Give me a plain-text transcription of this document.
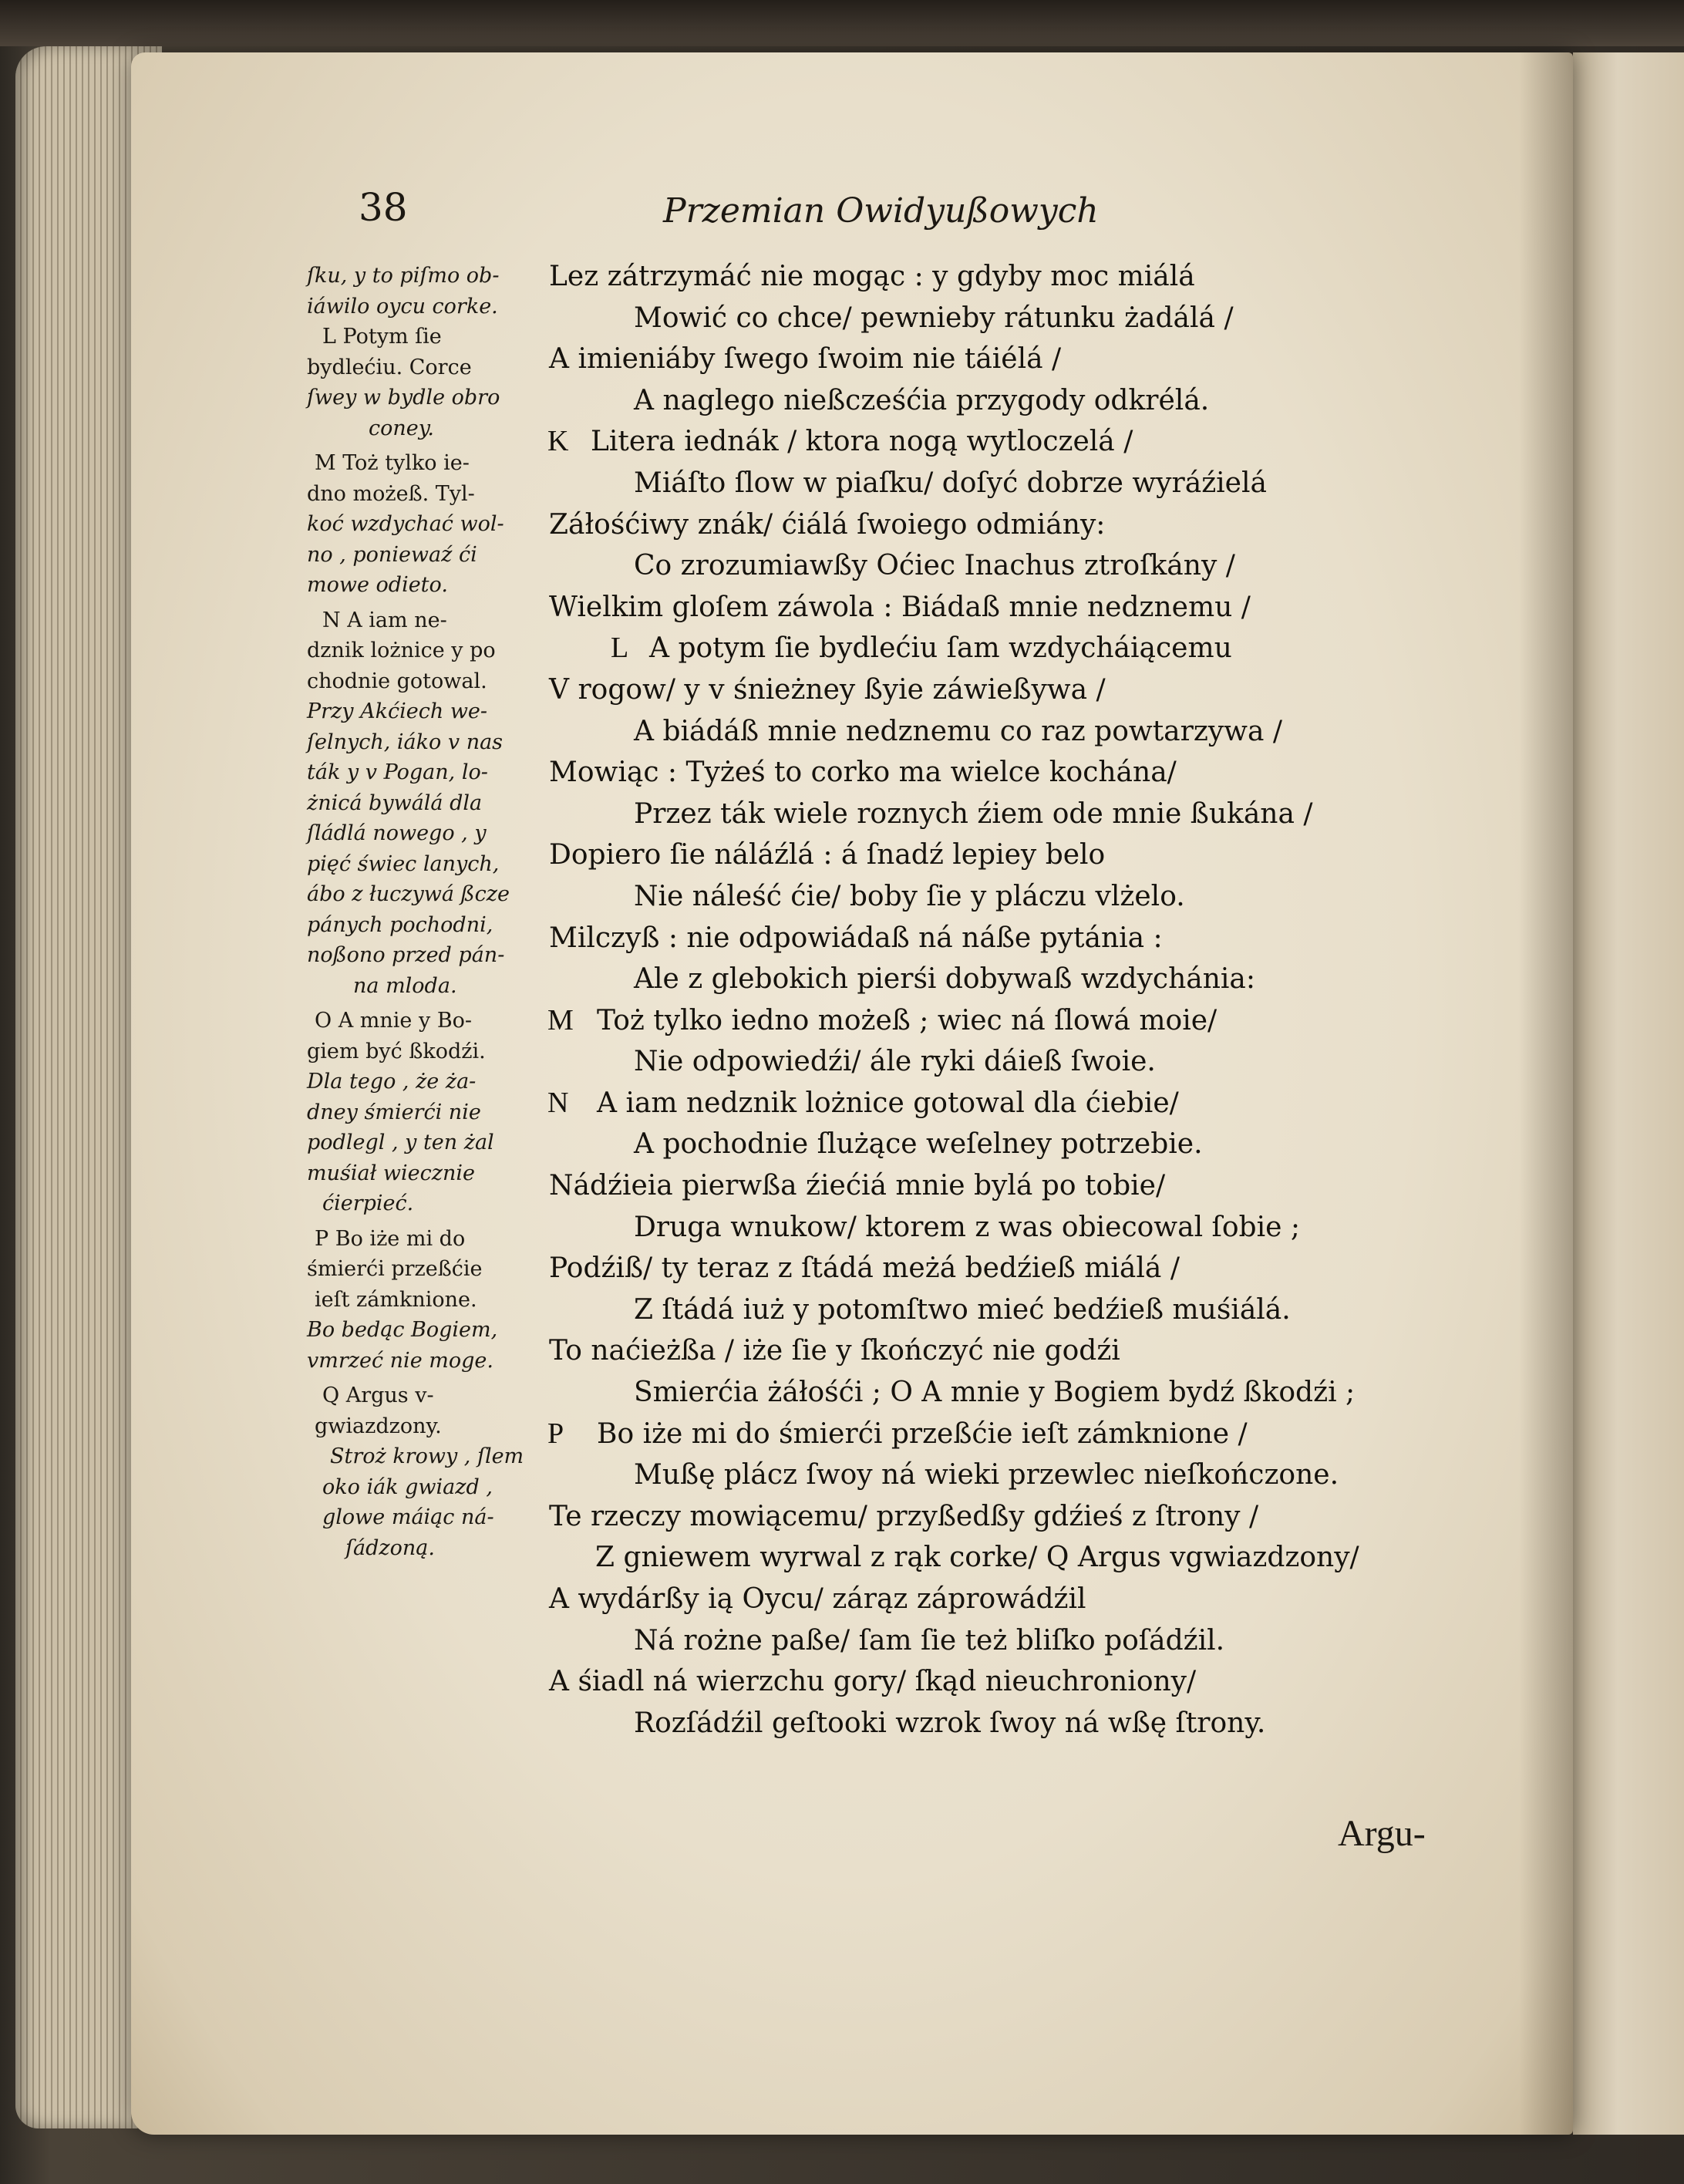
38	Przemian Owidyußowych
ſku, y to piſmo ob-
iáwilo oycu corke.
L Potym ſie
bydlećiu. Corce
ſwey w bydle obro
coney.
M Toż tylko ie-
dno możeß. Tyl-
koć wzdychać wol-
no , poniewaź ći
mowe odieto.
N A iam ne-
dznik lożnice y po
chodnie gotowal.
Przy Akćiech we-
ſelnych, iáko v nas
ták y v Pogan, lo-
żnicá bywálá dla
ſládlá nowego , y
pięć świec lanych,
ábo z łuczywá ßcze
pánych pochodni,
noßono przed pán-
na mloda.
O A mnie y Bo-
giem być ßkodźi.
Dla tego , że ża-
dney śmierći nie
podlegl , y ten żal
muśiał wiecznie
ćierpieć.
P Bo iże mi do
śmierći przeßćie
ieſt zámknione.
Bo bedąc Bogiem,
vmrzeć nie moge.
Q Argus v-
gwiazdzony.
Stroż krowy , ſlem
oko iák gwiazd ,
glowe máiąc ná-
ſádzoną.
Lez zátrzymáć nie mogąc : y gdyby moc miálá
Mowić co chce/ pewnieby rátunku żadálá /
A imieniáby ſwego ſwoim nie táiélá /
A naglego nießcześćia przygody odkrélá.
K Litera iednák / ktora nogą wytloczelá /
Miáſto ſlow w piaſku/ doſyć dobrze wyráźielá
Záłośćiwy znák/ ćiálá ſwoiego odmiány:
Co zrozumiawßy Oćiec Inachus ztroſkány /
Wielkim gloſem záwola : Biádaß mnie nedznemu /
L A potym ſie bydlećiu ſam wzdycháiącemu
V rogow/ y v śnieżney ßyie záwießywa /
A biádáß mnie nedznemu co raz powtarzywa /
Mowiąc : Tyżeś to corko ma wielce kochána/
Przez ták wiele roznych źiem ode mnie ßukána /
Dopiero ſie náláźlá : á ſnadź lepiey belo
Nie náleść ćie/ boby ſie y pláczu vlżelo.
Milczyß : nie odpowiádaß ná náße pytánia :
Ale z glebokich pierśi dobywaß wzdychánia:
M Toż tylko iedno możeß ; wiec ná ſlowá moie/
Nie odpowiedźi/ ále ryki dáieß ſwoie.
N A iam nedznik lożnice gotowal dla ćiebie/
A pochodnie ſlużące weſelney potrzebie.
Nádźieia pierwßa źiećiá mnie bylá po tobie/
Druga wnukow/ ktorem z was obiecowal ſobie ;
Podźiß/ ty teraz z ſtádá meżá bedźieß miálá /
Z ſtádá iuż y potomſtwo mieć bedźieß muśiálá.
To naćieżßa / iże ſie y ſkończyć nie godźi
Smierćia żáłośći ; O A mnie y Bogiem bydź ßkodźi ;
P Bo iże mi do śmierći przeßćie ieſt zámknione /
Mußę plácz ſwoy ná wieki przewlec nieſkończone.
Te rzeczy mowiącemu/ przyßedßy gdźieś z ſtrony /
Z gniewem wyrwal z rąk corke/ Q Argus vgwiazdzony/
A wydárßy ią Oycu/ zárąz záprowádźil
Ná rożne paße/ ſam ſie też bliſko poſádźil.
A śiadl ná wierzchu gory/ ſkąd nieuchroniony/
Rozſádźil geſtooki wzrok ſwoy ná wßę ſtrony.
Argu-
